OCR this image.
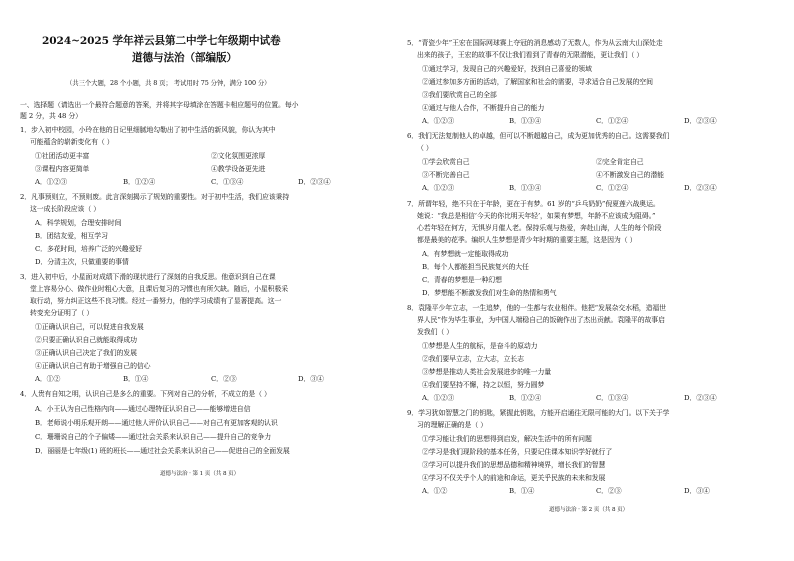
2024~2025 学年祥云县第二中学七年级期中试卷
道德与法治（部编版）
（共三个大题，28 个小题，共 8 页； 考试用时 75 分钟，满分 100 分）
一、选择题（请选出一个最符合题意的答案，并将其字母填涂在答题卡相应题号的位置。每小
题 2 分，共 48 分）
1．步入初中校园，小玲在他的日记里细腻地勾勒出了初中生活的新风貌，你认为其中
可能蕴含的崭新变化有（ ）
①社团活动更丰富	②文化氛围更浓厚
③课程内容更简单	④教学设备更先进
A．①②③	B．①②④	C．①③④	D．②③④
2．凡事预则立，不预则废。此言深刻揭示了规划的重要性。对于初中生活，我们应该秉持
这一成长阶段应该（ ）
A．科学规划，合理安排时间
B．团结友爱，相互学习
C．多花时间，培养广泛的兴趣爱好
D．分清主次，只做重要的事情
3．进入初中后，小星面对成绩下滑的现状进行了深刻的自我反思。他意识到自己在课
堂上容易分心、做作业时粗心大意，且课后复习的习惯也有所欠缺。随后，小星积极采
取行动，努力纠正这些不良习惯。经过一番努力，他的学习成绩有了显著提高。这一
转变充分证明了（ ）
①正确认识自己，可以促进自我发展
②只要正确认识自己就能取得成功
③正确认识自己决定了我们的发展
④正确认识自己有助于增强自己的信心
A．①②	B．①④	C．②③	D．③④
4．人贵有自知之明，认识自己是多么的重要。下列对自己的分析，不成立的是（ ）
A．小王认为自己性格内向——通过心理特征认识自己——能够增进自信
B．老师说小明乐观开朗——通过他人评价认识自己——对自己有更加客观的认识
C．珊珊说自己的个子偏矮——通过社会关系来认识自己——提升自己的竞争力
D．丽丽是七年级(1) 班的班长——通过社会关系来认识自己——促进自己的全面发展
道德与法治 · 第 1 页（共 8 页）
5．“青瓷少年”王宏在国际网球赛上夺冠的消息感动了无数人，作为从云南大山深处走
出来的孩子，王宏的故事不仅让我们看到了青春的无限潜能，更让我们（ ）
①通过学习，发现自己的兴趣爱好，找到自己喜爱的领域
②通过参加多方面的活动，了解国家和社会的需要，寻求适合自己发展的空间
③我们要欣赏自己的全部
④通过与他人合作，不断提升自己的能力
A．①②③	B．①③④	C．①②④	D．②③④
6．我们无法复制他人的卓越，但可以不断超越自己，成为更加优秀的自己。这需要我们
（ ）
①学会欣赏自己	②完全肯定自己
③不断完善自己	④不断激发自己的潜能
A．①②③	B．①③④	C．①②④	D．②③④
7．所谓年轻，绝不只在于年龄，更在于有梦。61 岁的“乒乓奶奶”倪夏莲六战奥运。
她说：“我总是相信‘今天的你比明天年轻’，如果有梦想，年龄不应该成为阻碍。”
心若年轻在何方，无惧岁月催人老。保持乐观与热爱，奔赴山海，人生的每个阶段
都是最美的花季。编织人生梦想是青少年时期的重要主题，这是因为（ ）
A．有梦想就一定能取得成功
B．每个人都能担当民族复兴的大任
C．青春的梦想是一种幻想
D．梦想能不断激发我们对生命的热情和勇气
8．袁隆平少年立志，一生追梦，他的一生都与农业相伴。他把“发展杂交水稻，造福世
界人民”作为毕生事业，为中国人端稳自己的饭碗作出了杰出贡献。袁隆平的故事启
发我们（ ）
①梦想是人生的航标，是奋斗的原动力
②我们要早立志，立大志，立长志
③梦想是推动人类社会发展进步的唯一力量
④我们要坚持不懈，持之以恒，努力圆梦
A．①②③	B．①②④	C．①③④	D．②③④
9．学习犹如智慧之门的钥匙，紧握此钥匙，方能开启通往无限可能的大门。以下关于学
习的理解正确的是（ ）
①学习能让我们的思想得到启发，解决生活中的所有问题
②学习是我们现阶段的基本任务，只要记住课本知识学好就行了
③学习可以提升我们的思想品德和精神境界，增长我们的智慧
④学习不仅关乎个人的前途和命运，更关乎民族的未来和发展
A．①②	B．①④	C．②③	D．③④
道德与法治 · 第 2 页（共 8 页）
